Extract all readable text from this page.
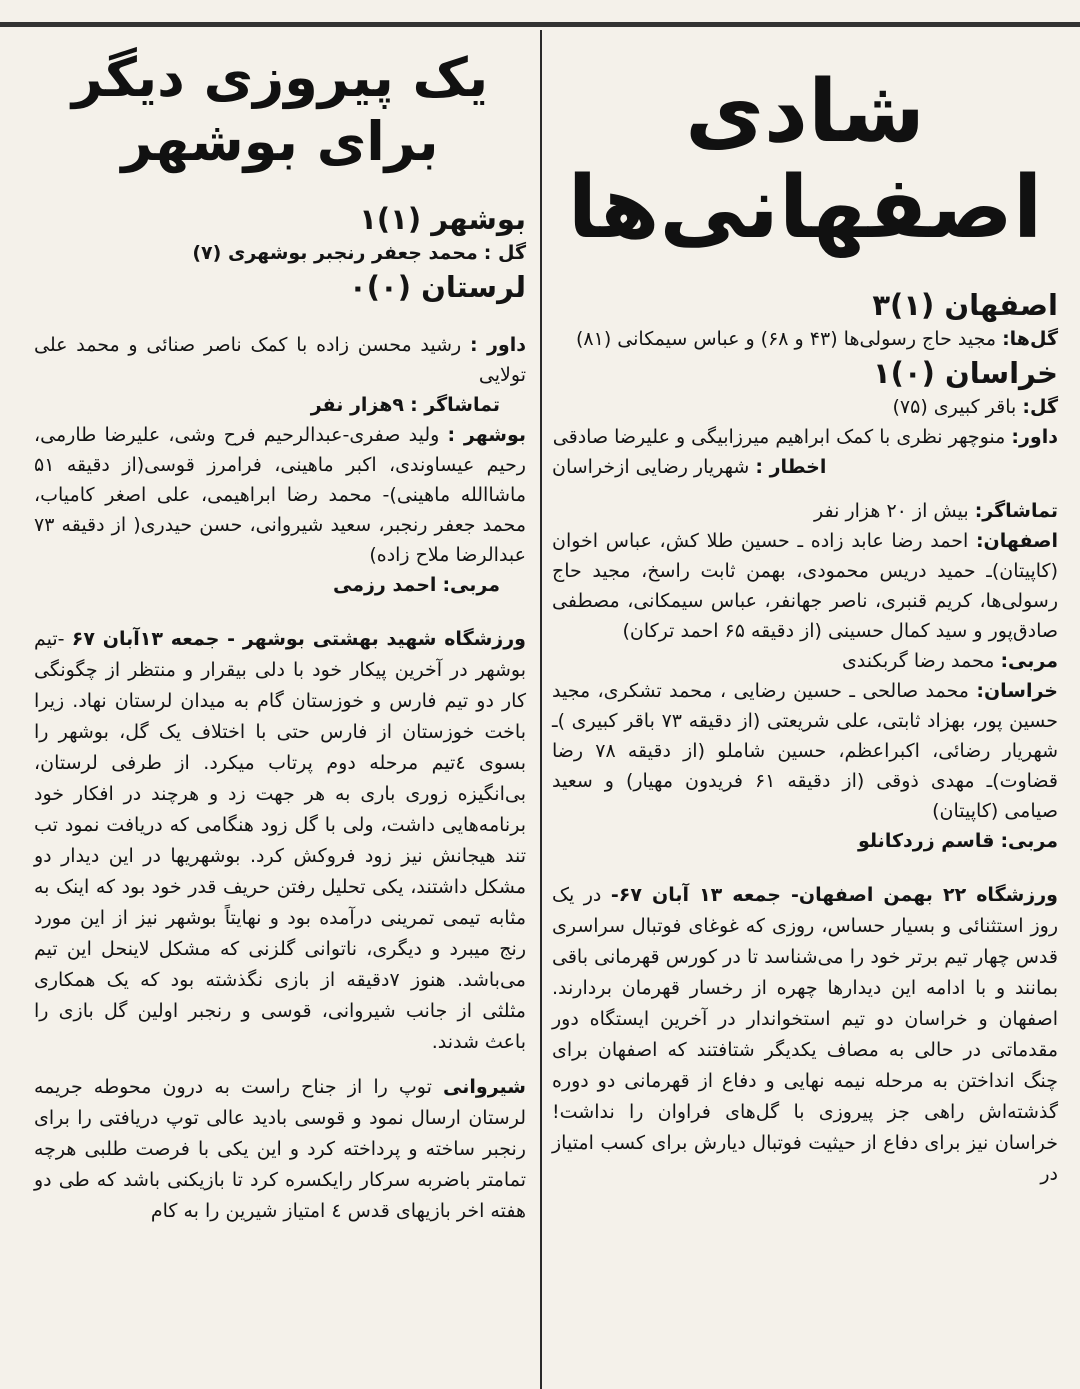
شادی
اصفهانی‌ها

اصفهان (۱)۳

گل‌ها: مجید حاج رسولی‌ها (۴۳ و ۶۸) و عباس سیمکانی (۸۱)

خراسان (۰)۱

گل: باقر کبیری (۷۵)

داور: منوچهر نظری با کمک ابراهیم میرزابیگی و علیرضا صادقی

اخطار : شهریار رضایی ازخراسان

تماشاگر: بیش از ۲۰ هزار نفر

اصفهان: احمد رضا عابد زاده ـ حسین طلا کش، عباس اخوان (کاپیتان)ـ حمید دریس محمودی، بهمن ثابت راسخ، مجید حاج رسولی‌ها، کریم قنبری، ناصر جهانفر، عباس سیمکانی، مصطفی صادق‌پور و سید کمال حسینی (از دقیقه ۶۵ احمد ترکان)

مربی: محمد رضا گربکندی

خراسان: محمد صالحی ـ حسین رضایی ، محمد تشکری، مجید حسین پور، بهزاد ثابتی، علی شریعتی (از دقیقه ۷۳ باقر کبیری )ـ شهریار رضائی، اکبراعظم، حسین شاملو (از دقیقه ۷۸ رضا قضاوت)ـ مهدی ذوقی (از دقیقه ۶۱ فریدون مهیار) و سعید صیامی (کاپیتان)

مربی: قاسم زردکانلو

ورزشگاه ۲۲ بهمن اصفهان- جمعه ۱۳ آبان ۶۷- در یک روز استثنائی و بسیار حساس، روزی که غوغای فوتبال سراسری قدس چهار تیم برتر خود را می‌شناسد تا در کورس قهرمانی باقی بمانند و با ادامه این دیدارها چهره از رخسار قهرمان بردارند. اصفهان و خراسان دو تیم استخواندار در آخرین ایستگاه دور مقدماتی در حالی به مصاف یکدیگر شتافتند که اصفهان برای چنگ انداختن به مرحله نیمه نهایی و دفاع از قهرمانی دو دوره گذشته‌اش راهی جز پیروزی با گل‌های فراوان را نداشت! خراسان نیز برای دفاع از حیثیت فوتبال دیارش برای کسب امتیاز در

یک پیروزی دیگر
برای بوشهر

بوشهر (۱)۱

گل : محمد جعفر رنجبر بوشهری (۷)

لرستان (۰)۰

داور : رشید محسن زاده با کمک ناصر صنائی و محمد علی تولایی

تماشاگر : ۹هزار نفر

بوشهر : ولید صفری-عبدالرحیم فرح وشی، علیرضا طارمی، رحیم عیساوندی، اکبر ماهینی، فرامرز قوسی(از دقیقه ۵۱ ماشاالله ماهینی)- محمد رضا ابراهیمی، علی اصغر کامیاب، محمد جعفر رنجبر، سعید شیروانی، حسن حیدری( از دقیقه ۷۳ عبدالرضا ملاح زاده)

مربی: احمد رزمی

ورزشگاه شهید بهشتی بوشهر - جمعه ۱۳آبان ۶۷ -تیم بوشهر در آخرین پیکار خود با دلی بیقرار و منتظر از چگونگی کار دو تیم فارس و خوزستان گام به میدان لرستان نهاد. زیرا باخت خوزستان از فارس حتی با اختلاف یک گل، بوشهر را بسوی ٤تیم مرحله دوم پرتاب میکرد. از طرفی لرستان، بی‌انگیزه زوری باری به هر جهت زد و هرچند در افکار خود برنامه‌هایی داشت، ولی با گل زود هنگامی که دریافت نمود تب تند هیجانش نیز زود فروکش کرد. بوشهریها در این دیدار دو مشکل داشتند، یکی تحلیل رفتن حریف قدر خود بود که اینک به مثابه تیمی تمرینی درآمده بود و نهایتاً بوشهر نیز از این مورد رنج میبرد و دیگری، ناتوانی گلزنی که مشکل لاینحل این تیم می‌باشد. هنوز ۷دقیقه از بازی نگذشته بود که یک همکاری مثلثی از جانب شیروانی، قوسی و رنجبر اولین گل بازی را باعث شدند.

شیروانی توپ را از جناح راست به درون محوطه جریمه لرستان ارسال نمود و قوسی بادید عالی توپ دریافتی را برای رنجبر ساخته و پرداخته کرد و این یکی با فرصت طلبی هرچه تمامتر باضربه سرکار رایکسره کرد تا بازیکنی باشد که طی دو هفته اخر بازیهای قدس ٤ امتیاز شیرین را به کام
